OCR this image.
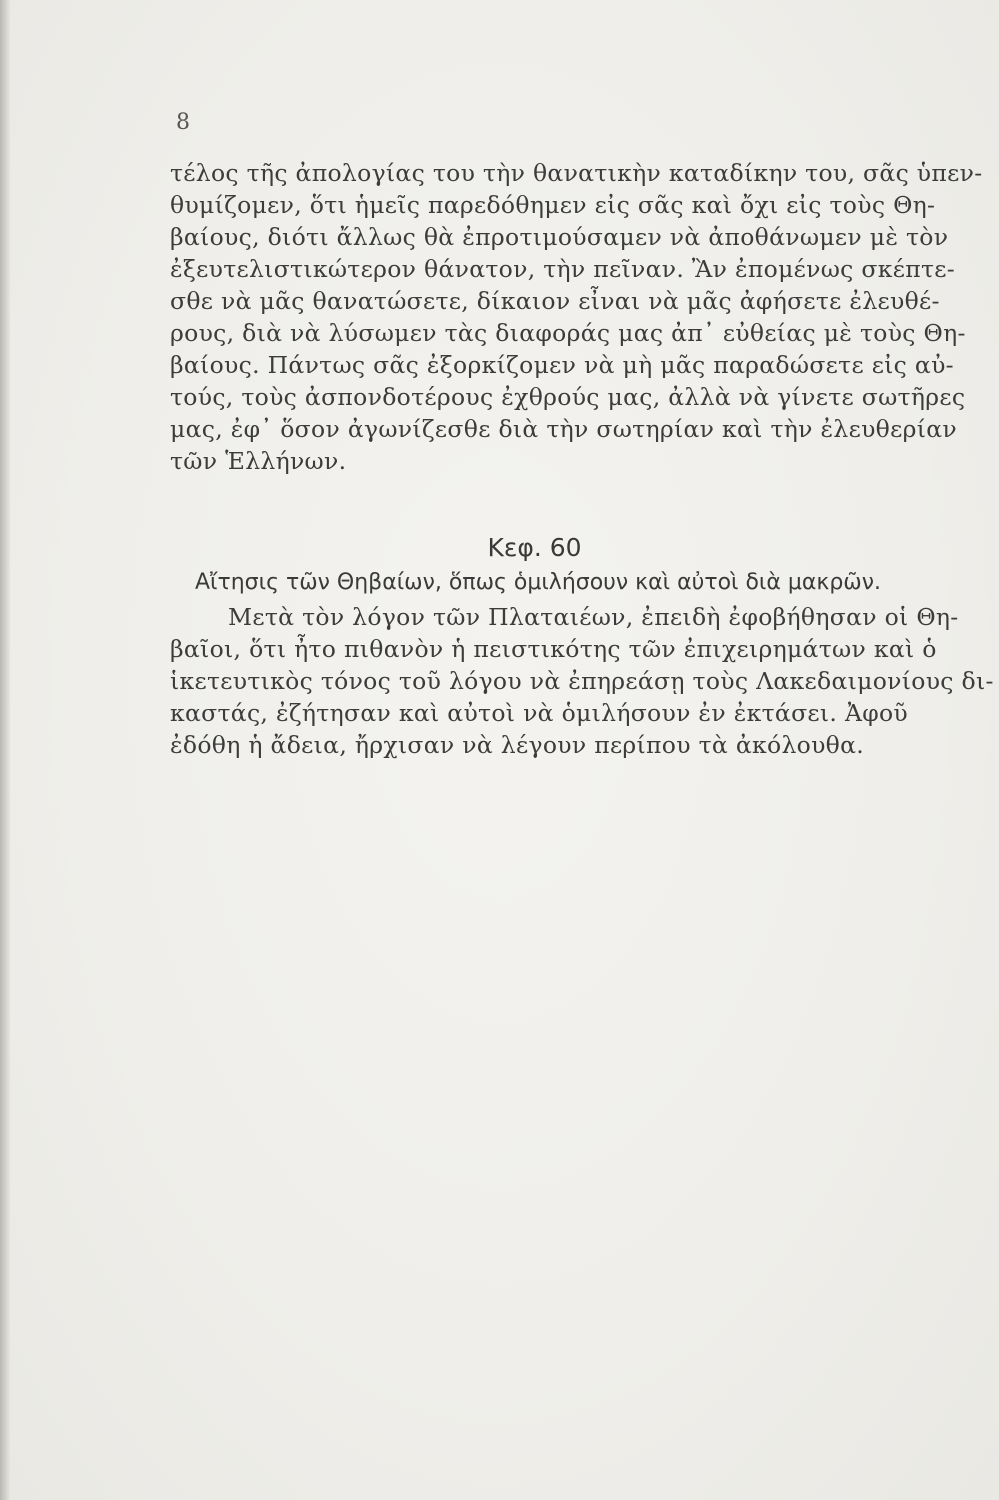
8
τέλος τῆς ἀπολογίας του τὴν θανατικὴν καταδίκην του, σᾶς ὑπεν-
θυμίζομεν, ὅτι ἡμεῖς παρεδόθημεν εἰς σᾶς καὶ ὄχι εἰς τοὺς Θη-
βαίους, διότι ἄλλως θὰ ἐπροτιμούσαμεν νὰ ἀποθάνωμεν μὲ τὸν
ἐξευτελιστικώτερον θάνατον, τὴν πεῖναν. Ἂν ἐπομένως σκέπτε-
σθε νὰ μᾶς θανατώσετε, δίκαιον εἶναι νὰ μᾶς ἀφήσετε ἐλευθέ-
ρους, διὰ νὰ λύσωμεν τὰς διαφοράς μας ἀπ᾽ εὐθείας μὲ τοὺς Θη-
βαίους. Πάντως σᾶς ἐξορκίζομεν νὰ μὴ μᾶς παραδώσετε εἰς αὐ-
τούς, τοὺς ἀσπονδοτέρους ἐχθρούς μας, ἀλλὰ νὰ γίνετε σωτῆρες
μας, ἐφ᾽ ὅσον ἀγωνίζεσθε διὰ τὴν σωτηρίαν καὶ τὴν ἐλευθερίαν
τῶν Ἑλλήνων.
Κεφ. 60
Αἴτησις τῶν Θηβαίων, ὅπως ὁμιλήσουν καὶ αὐτοὶ διὰ μακρῶν.
Μετὰ τὸν λόγον τῶν Πλαταιέων, ἐπειδὴ ἐφοβήθησαν οἱ Θη-
βαῖοι, ὅτι ἦτο πιθανὸν ἡ πειστικότης τῶν ἐπιχειρημάτων καὶ ὁ
ἱκετευτικὸς τόνος τοῦ λόγου νὰ ἐπηρεάσῃ τοὺς Λακεδαιμονίους δι-
καστάς, ἐζήτησαν καὶ αὐτοὶ νὰ ὁμιλήσουν ἐν ἐκτάσει. Ἀφοῦ
ἐδόθη ἡ ἄδεια, ἤρχισαν νὰ λέγουν περίπου τὰ ἀκόλουθα.
